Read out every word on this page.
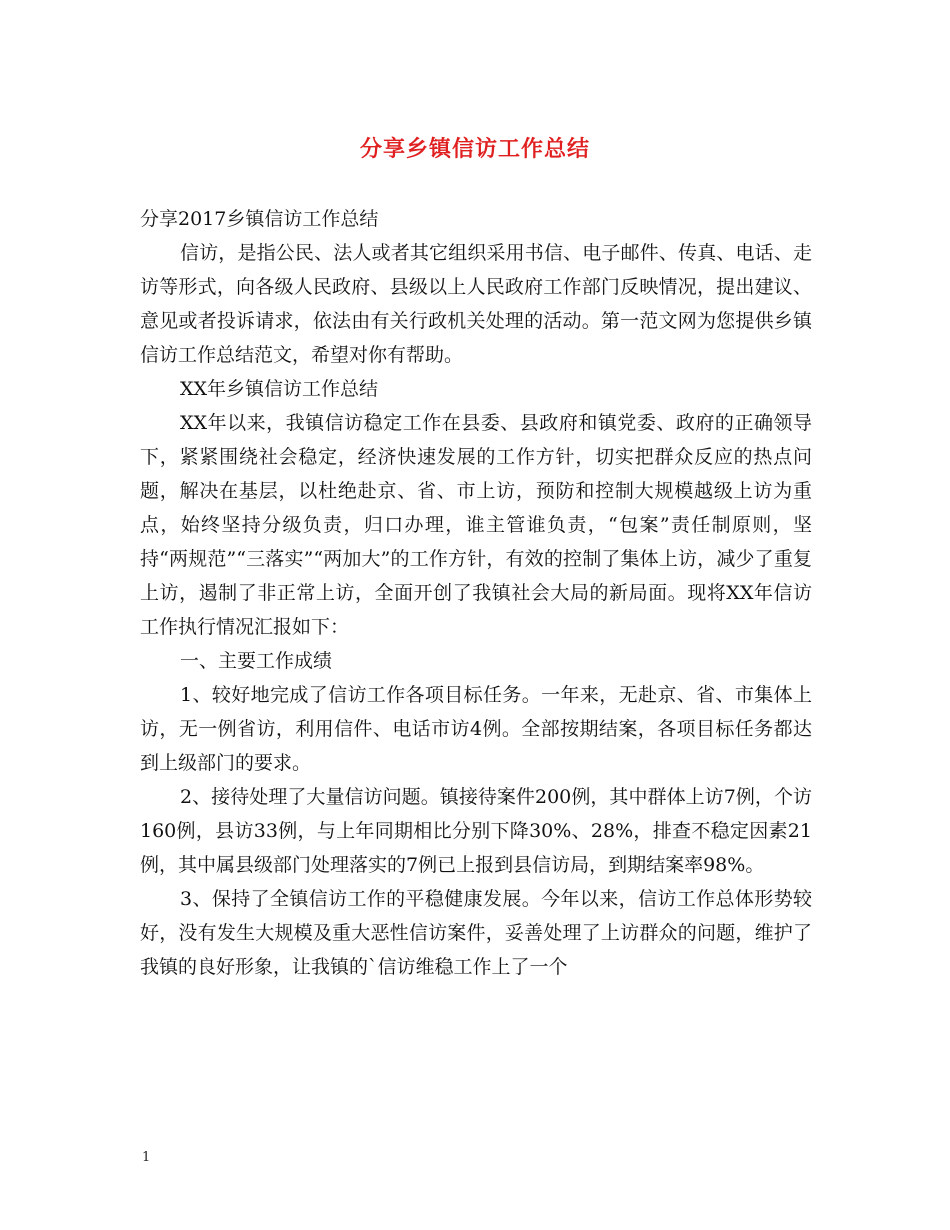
分享乡镇信访工作总结

分享2017乡镇信访工作总结

信访，是指公民、法人或者其它组织采用书信、电子邮件、传真、电话、走访等形式，向各级人民政府、县级以上人民政府工作部门反映情况，提出建议、意见或者投诉请求，依法由有关行政机关处理的活动。第一范文网为您提供乡镇信访工作总结范文，希望对你有帮助。

XX年乡镇信访工作总结

XX年以来，我镇信访稳定工作在县委、县政府和镇党委、政府的正确领导下，紧紧围绕社会稳定，经济快速发展的工作方针，切实把群众反应的热点问题，解决在基层，以杜绝赴京、省、市上访，预防和控制大规模越级上访为重点，始终坚持分级负责，归口办理，谁主管谁负责，“包案”责任制原则，坚持“两规范”“三落实”“两加大”的工作方针，有效的控制了集体上访，减少了重复上访，遏制了非正常上访，全面开创了我镇社会大局的新局面。现将XX年信访工作执行情况汇报如下：

一、主要工作成绩

1、较好地完成了信访工作各项目标任务。一年来，无赴京、省、市集体上访，无一例省访，利用信件、电话市访4例。全部按期结案，各项目标任务都达到上级部门的要求。

2、接待处理了大量信访问题。镇接待案件200例，其中群体上访7例，个访160例，县访33例，与上年同期相比分别下降30%、28%，排查不稳定因素21例，其中属县级部门处理落实的7例已上报到县信访局，到期结案率98%。

3、保持了全镇信访工作的平稳健康发展。今年以来，信访工作总体形势较好，没有发生大规模及重大恶性信访案件，妥善处理了上访群众的问题，维护了我镇的良好形象，让我镇的`信访维稳工作上了一个

1
